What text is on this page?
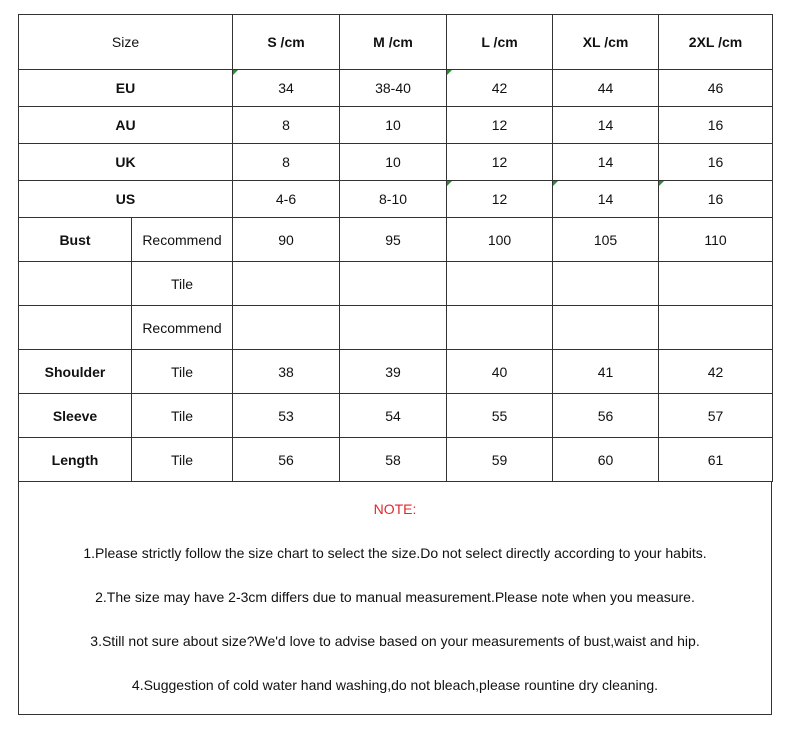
Size		S /cm	M /cm	L /cm	XL /cm	2XL /cm
EU		34	38-40	42	44	46
AU		8	10	12	14	16
UK		8	10	12	14	16
US		4-6	8-10	12	14	16
Bust	Recommend	90	95	100	105	110
	Tile					
	Recommend					
Shoulder	Tile	38	39	40	41	42
Sleeve	Tile	53	54	55	56	57
Length	Tile	56	58	59	60	61
NOTE:

1.Please strictly follow the size chart to select the size.Do not select directly according to your habits.

2.The size may have 2-3cm differs due to manual measurement.Please note when you measure.

3.Still not sure about size?We'd love to advise based on your measurements of bust,waist and hip.

4.Suggestion of cold water hand washing,do not bleach,please rountine dry cleaning.
